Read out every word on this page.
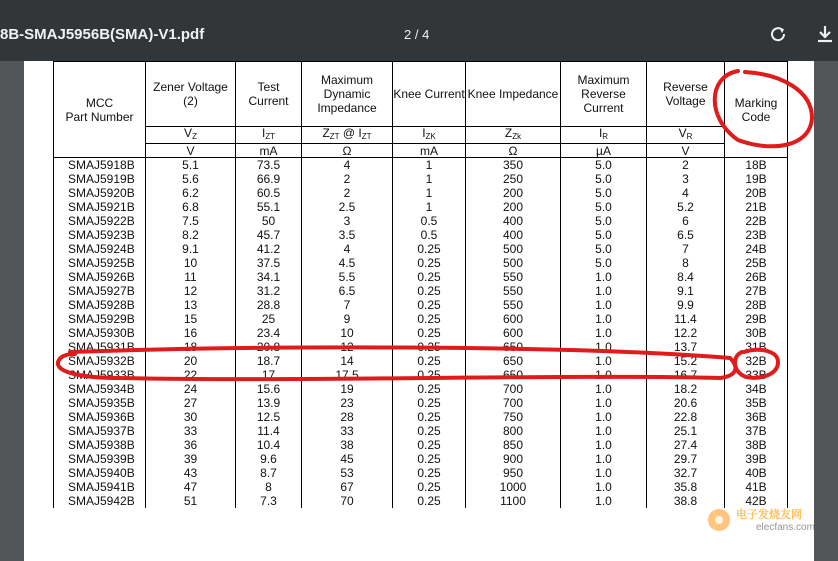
8B-SMAJ5956B(SMA)-V1.pdf	2 / 4
MCC
Part Number	Zener Voltage (2)	Test Current	Maximum Dynamic Impedance	Knee Current	Knee Impedance	Maximum Reverse Current	Reverse Voltage	Marking Code
	$V_Z$	$I_{ZT}$	$Z_{ZT}$ @ $I_{ZT}$	$I_{ZK}$	$Z_{Zk}$	$I_R$	$V_R$
	V	mA	Ω	mA	Ω	µA	V	
SMAJ5918B	5.1	73.5	4	1	350	5.0	2	18B
SMAJ5919B	5.6	66.9	2	1	250	5.0	3	19B
SMAJ5920B	6.2	60.5	2	1	200	5.0	4	20B
SMAJ5921B	6.8	55.1	2.5	1	200	5.0	5.2	21B
SMAJ5922B	7.5	50	3	0.5	400	5.0	6	22B
SMAJ5923B	8.2	45.7	3.5	0.5	400	5.0	6.5	23B
SMAJ5924B	9.1	41.2	4	0.25	500	5.0	7	24B
SMAJ5925B	10	37.5	4.5	0.25	500	5.0	8	25B
SMAJ5926B	11	34.1	5.5	0.25	550	1.0	8.4	26B
SMAJ5927B	12	31.2	6.5	0.25	550	1.0	9.1	27B
SMAJ5928B	13	28.8	7	0.25	550	1.0	9.9	28B
SMAJ5929B	15	25	9	0.25	600	1.0	11.4	29B
SMAJ5930B	16	23.4	10	0.25	600	1.0	12.2	30B
SMAJ5931B	18	20.8	12	0.25	650	1.0	13.7	31B
SMAJ5932B	20	18.7	14	0.25	650	1.0	15.2	32B
SMAJ5933B	22	17	17.5	0.25	650	1.0	16.7	33B
SMAJ5934B	24	15.6	19	0.25	700	1.0	18.2	34B
SMAJ5935B	27	13.9	23	0.25	700	1.0	20.6	35B
SMAJ5936B	30	12.5	28	0.25	750	1.0	22.8	36B
SMAJ5937B	33	11.4	33	0.25	800	1.0	25.1	37B
SMAJ5938B	36	10.4	38	0.25	850	1.0	27.4	38B
SMAJ5939B	39	9.6	45	0.25	900	1.0	29.7	39B
SMAJ5940B	43	8.7	53	0.25	950	1.0	32.7	40B
SMAJ5941B	47	8	67	0.25	1000	1.0	35.8	41B
SMAJ5942B	51	7.3	70	0.25	1100	1.0	38.8	42B
电子发烧友网
elecfans.com
